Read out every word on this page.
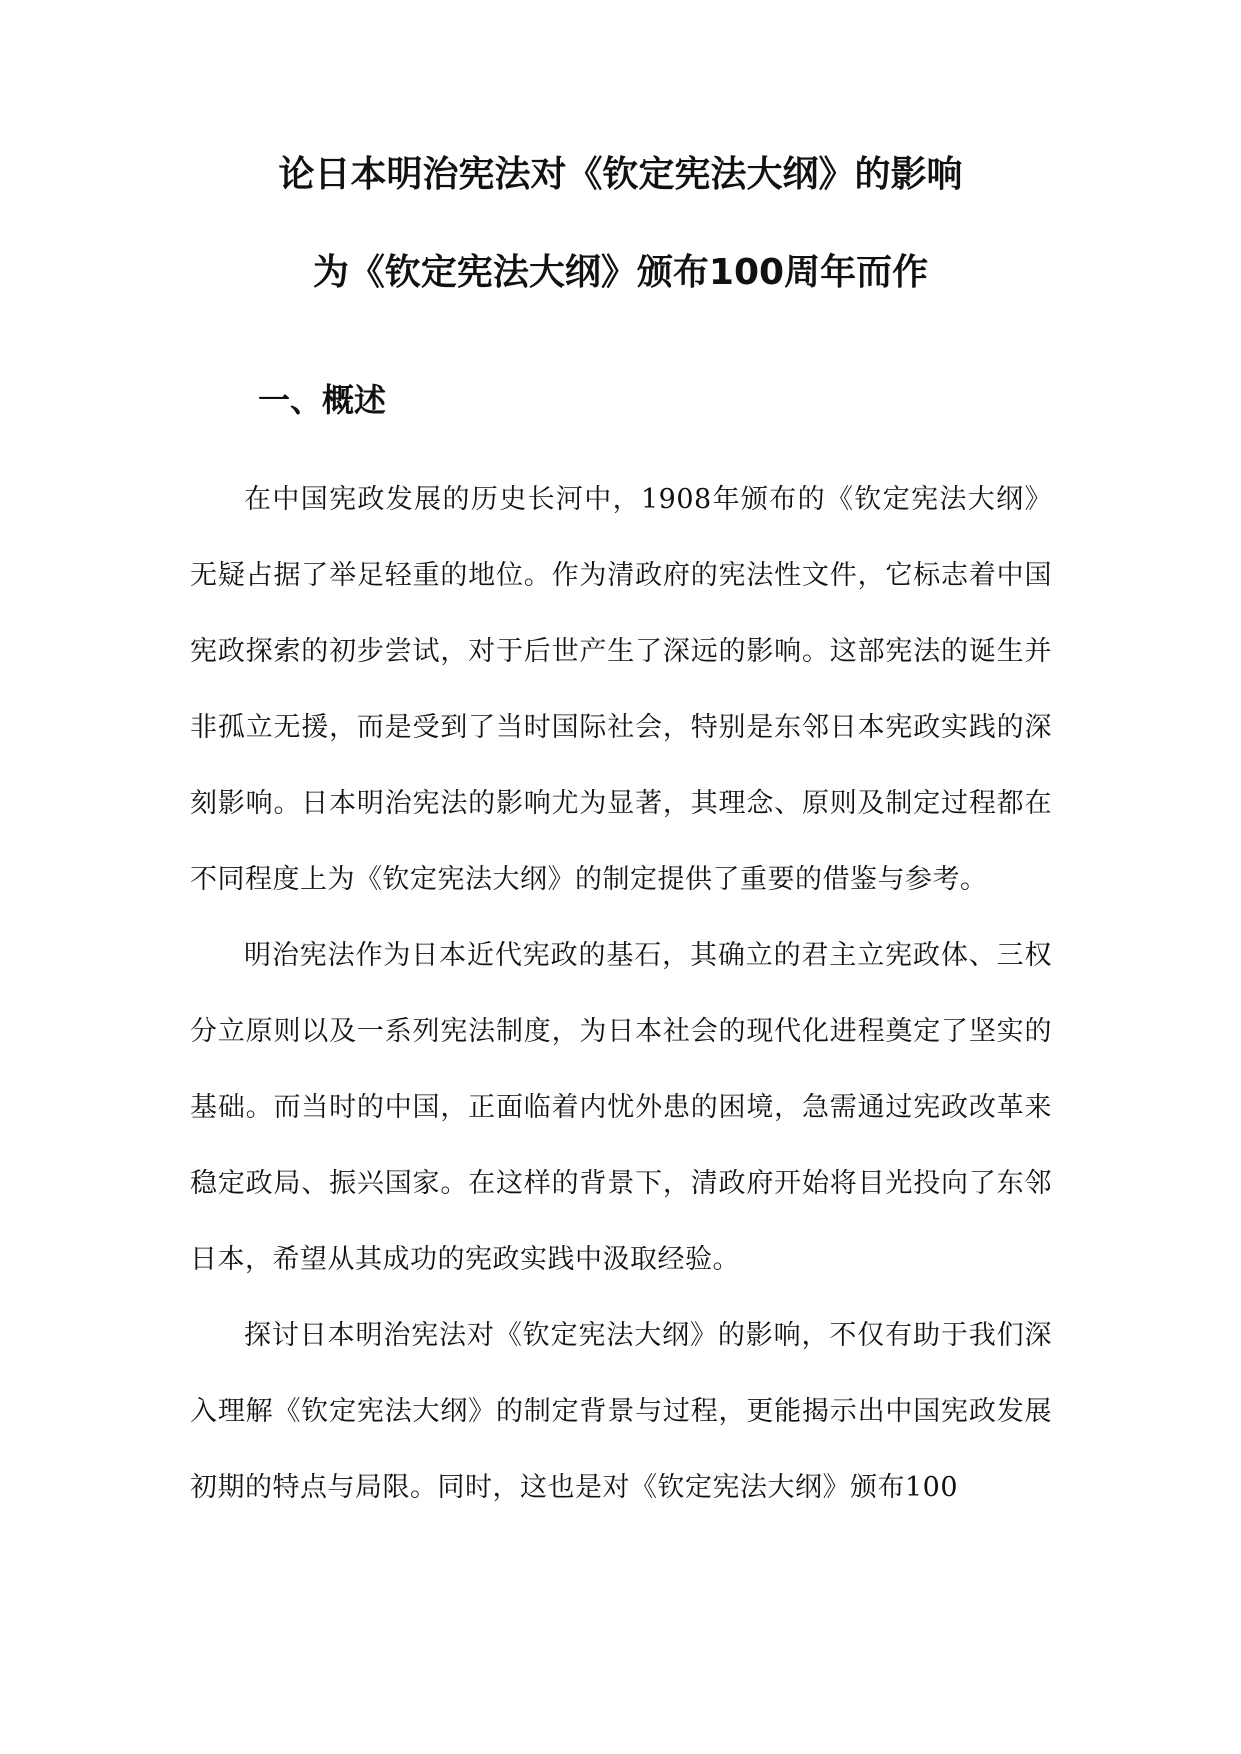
论日本明治宪法对《钦定宪法大纲》的影响
为《钦定宪法大纲》颁布100周年而作
一、概述

在中国宪政发展的历史长河中，1908年颁布的《钦定宪法大纲》无疑占据了举足轻重的地位。作为清政府的宪法性文件，它标志着中国宪政探索的初步尝试，对于后世产生了深远的影响。这部宪法的诞生并非孤立无援，而是受到了当时国际社会，特别是东邻日本宪政实践的深刻影响。日本明治宪法的影响尤为显著，其理念、原则及制定过程都在不同程度上为《钦定宪法大纲》的制定提供了重要的借鉴与参考。

明治宪法作为日本近代宪政的基石，其确立的君主立宪政体、三权分立原则以及一系列宪法制度，为日本社会的现代化进程奠定了坚实的基础。而当时的中国，正面临着内忧外患的困境，急需通过宪政改革来稳定政局、振兴国家。在这样的背景下，清政府开始将目光投向了东邻日本，希望从其成功的宪政实践中汲取经验。

探讨日本明治宪法对《钦定宪法大纲》的影响，不仅有助于我们深入理解《钦定宪法大纲》的制定背景与过程，更能揭示出中国宪政发展初期的特点与局限。同时，这也是对《钦定宪法大纲》颁布100
